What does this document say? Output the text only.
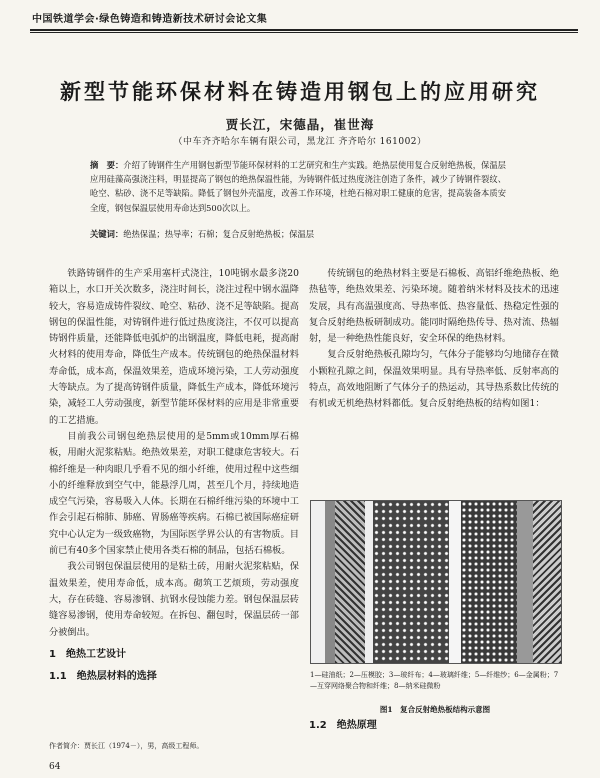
中国铁道学会·绿色铸造和铸造新技术研讨会论文集
新型节能环保材料在铸造用钢包上的应用研究
贾长江，宋德晶，崔世海
（中车齐齐哈尔车辆有限公司，黑龙江 齐齐哈尔 161002）
摘　要：介绍了铸钢件生产用钢包新型节能环保材料的工艺研究和生产实践。绝热层使用复合反射绝热板，保温层应用硅藻高强浇注料，明显提高了钢包的绝热保温性能，为铸钢件低过热度浇注创造了条件，减少了铸钢件裂纹、呛空、粘砂、浇不足等缺陷。降低了钢包外壳温度，改善工作环境，杜绝石棉对职工健康的危害，提高装备本质安全度，钢包保温层使用寿命达到500次以上。
关键词：绝热保温；热导率；石棉；复合反射绝热板；保温层

铁路铸钢件的生产采用塞杆式浇注，10吨钢水最多浇20箱以上，水口开关次数多，浇注时间长，浇注过程中钢水温降较大，容易造成铸件裂纹、呛空、粘砂、浇不足等缺陷。提高钢包的保温性能，对铸钢件进行低过热度浇注，不仅可以提高铸钢件质量，还能降低电弧炉的出钢温度，降低电耗，提高耐火材料的使用寿命，降低生产成本。传统钢包的绝热保温材料寿命低，成本高，保温效果差，造成环境污染，工人劳动强度大等缺点。为了提高铸钢件质量，降低生产成本，降低环境污染，减轻工人劳动强度，新型节能环保材料的应用是非常重要的工艺措施。

目前我公司钢包绝热层使用的是5mm或10mm厚石棉板，用耐火泥浆粘贴。绝热效果差，对职工健康危害较大。石棉纤维是一种肉眼几乎看不见的细小纤维，使用过程中这些细小的纤维释放到空气中，能悬浮几周，甚至几个月，持续地造成空气污染，容易吸入人体。长期在石棉纤维污染的环境中工作会引起石棉肺、肺癌、胃肠癌等疾病。石棉已被国际癌症研究中心认定为一级致癌物，为国际医学界公认的有害物质。目前已有40多个国家禁止使用各类石棉的制品，包括石棉板。

我公司钢包保温层使用的是粘土砖，用耐火泥浆粘贴，保温效果差，使用寿命低，成本高。砌筑工艺烦琐，劳动强度大，存在砖缝、容易渗钢、抗钢水侵蚀能力差。钢包保温层砖缝容易渗钢，使用寿命较短。在拆包、翻包时，保温层砖一部分被倒出。

1　绝热工艺设计
1.1　绝热层材料的选择

传统钢包的绝热材料主要是石棉板、高铝纤维绝热板、绝热毡等，绝热效果差、污染环境。随着纳米材料及技术的迅速发展，具有高温强度高、导热率低、热容量低、热稳定性强的复合反射绝热板研制成功。能同时隔绝热传导、热对流、热辐射，是一种绝热性能良好，安全环保的绝热材料。

复合反射绝热板孔隙均匀，气体分子能够均匀地储存在微小颗粒孔隙之间，保温效果明显。具有导热率低、反射率高的特点，高效地阻断了气体分子的热运动，其导热系数比传统的有机或无机绝热材料都低。复合反射绝热板的结构如图1：

1—硅油纸；2—压模胶；3—玻纤布；4—玻璃纤维；5—纤维纱；6—金属粉；7—互穿网络聚合物和纤维；8—纳米硅微粉
图1　复合反射绝热板结构示意图
1.2　绝热原理
作者简介：贾长江（1974－），男，高级工程师。
64
